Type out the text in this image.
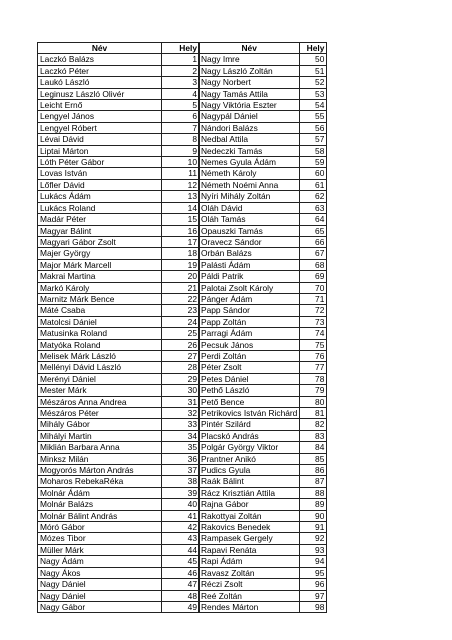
Név	Hely
Laczkó Balázs	1
Laczkó Péter	2
Laukó László	3
Leginusz László Olivér	4
Leicht Ernő	5
Lengyel János	6
Lengyel Róbert	7
Lévai Dávid	8
Liptai Márton	9
Lóth Péter Gábor	10
Lovas István	11
Lőfler Dávid	12
Lukács Ádám	13
Lukács Roland	14
Madár Péter	15
Magyar Bálint	16
Magyari Gábor Zsolt	17
Majer György	18
Major Márk Marcell	19
Makrai Martina	20
Markó Károly	21
Marnitz Márk Bence	22
Máté Csaba	23
Matolcsi Dániel	24
Matusinka Roland	25
Matyóka Roland	26
Melisek Márk László	27
Mellényi Dávid László	28
Merényi Dániel	29
Mester Márk	30
Mészáros Anna Andrea	31
Mészáros Péter	32
Mihály Gábor	33
Mihályi Martin	34
Miklián Barbara Anna	35
Minksz Milán	36
Mogyorós Márton András	37
Moharos RebekaRéka	38
Molnár Ádám	39
Molnár Balázs	40
Molnár Bálint András	41
Móró Gábor	42
Mózes Tibor	43
Müller Márk	44
Nagy Ádám	45
Nagy Ákos	46
Nagy Dániel	47
Nagy Dániel	48
Nagy Gábor	49
Név	Hely
Nagy Imre	50
Nagy László Zoltán	51
Nagy Norbert	52
Nagy Tamás Attila	53
Nagy Viktória Eszter	54
Nagypál Dániel	55
Nándori Balázs	56
Nedbal Attila	57
Nedeczki Tamás	58
Nemes Gyula Ádám	59
Németh Károly	60
Németh Noémi Anna	61
Nyíri Mihály Zoltán	62
Oláh Dávid	63
Oláh Tamás	64
Opauszki Tamás	65
Oravecz Sándor	66
Orbán Balázs	67
Palásti Ádám	68
Páldi Patrik	69
Palotai Zsolt Károly	70
Pánger Ádám	71
Papp Sándor	72
Papp Zoltán	73
Parragi Ádám	74
Pecsuk János	75
Perdi Zoltán	76
Péter Zsolt	77
Petes Dániel	78
Pethő László	79
Pető Bence	80
Petrikovics István Richárd	81
Pintér Szilárd	82
Placskó András	83
Polgár György Viktor	84
Prantner Anikó	85
Pudics Gyula	86
Raák Bálint	87
Rácz Krisztián Attila	88
Rajna Gábor	89
Rakottyai Zoltán	90
Rakovics Benedek	91
Rampasek Gergely	92
Rapavi Renáta	93
Rapi Ádám	94
Ravasz Zoltán	95
Réczi Zsolt	96
Reé Zoltán	97
Rendes Márton	98
